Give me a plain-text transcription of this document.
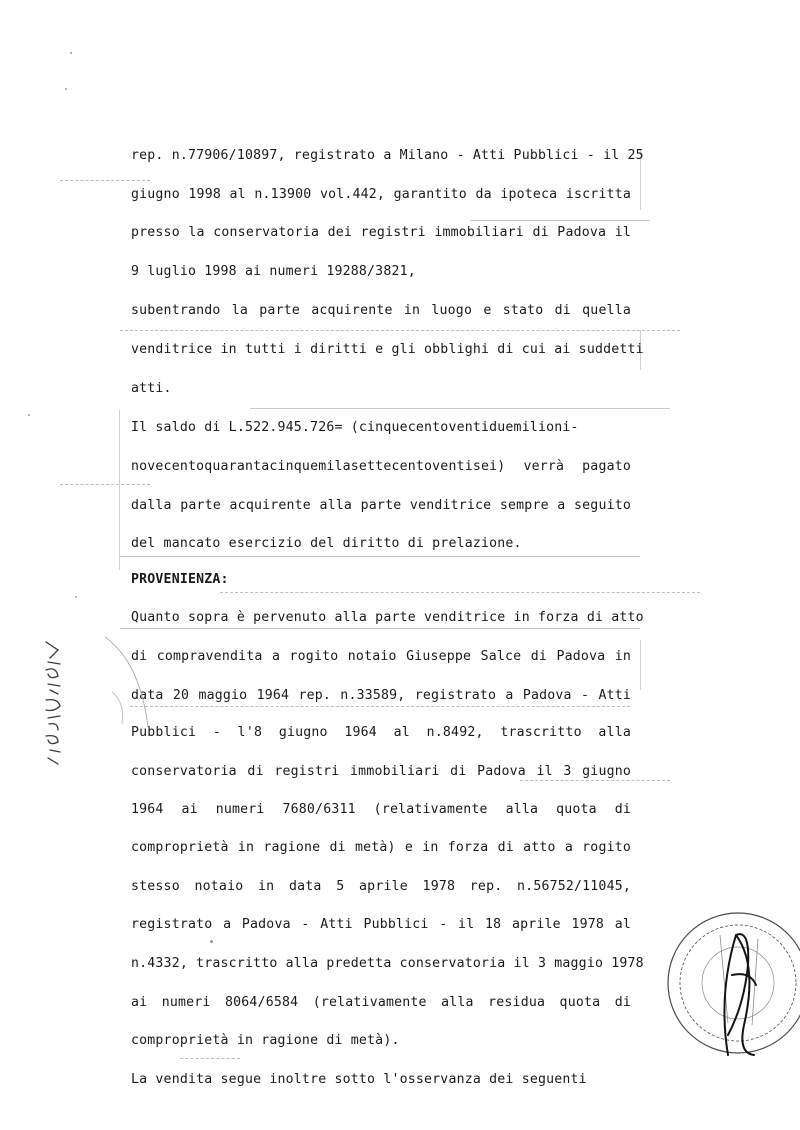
rep. n.77906/10897, registrato a Milano - Atti Pubblici - il 25
giugno 1998 al n.13900 vol.442, garantito da ipoteca iscritta
presso la conservatoria dei registri immobiliari di Padova il
9 luglio 1998 ai numeri 19288/3821,
subentrando la parte acquirente in luogo e stato di quella
venditrice in tutti i diritti e gli obblighi di cui ai suddetti
atti.
Il saldo di L.522.945.726= (cinquecentoventiduemilioni-
novecentoquarantacinquemilasettecentoventisei) verrà pagato
dalla parte acquirente alla parte venditrice sempre a seguito
del mancato esercizio del diritto di prelazione.
PROVENIENZA:
Quanto sopra è pervenuto alla parte venditrice in forza di atto
di compravendita a rogito notaio Giuseppe Salce di Padova in
data 20 maggio 1964 rep. n.33589, registrato a Padova - Atti
Pubblici - l'8 giugno 1964 al n.8492, trascritto alla
conservatoria di registri immobiliari di Padova il 3 giugno
1964 ai numeri 7680/6311 (relativamente alla quota di
comproprietà in ragione di metà) e in forza di atto a rogito
stesso notaio in data 5 aprile 1978 rep. n.56752/11045,
registrato a Padova - Atti Pubblici - il 18 aprile 1978 al
n.4332, trascritto alla predetta conservatoria il 3 maggio 1978
ai numeri 8064/6584 (relativamente alla residua quota di
comproprietà in ragione di metà).
La vendita segue inoltre sotto l'osservanza dei seguenti
